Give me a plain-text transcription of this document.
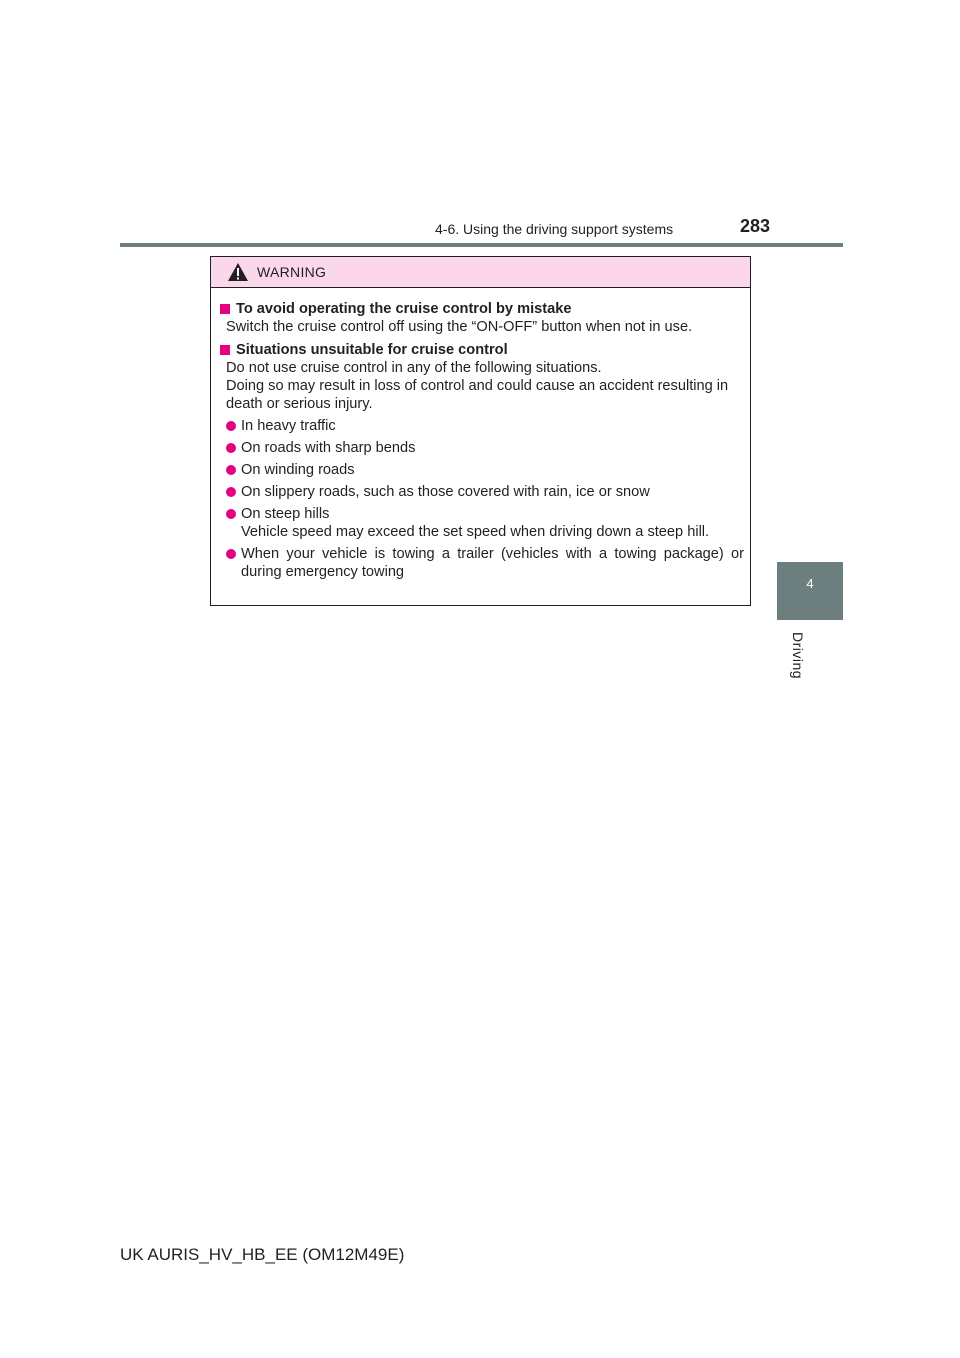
4-6. Using the driving support systems	283
4
Driving
WARNING
To avoid operating the cruise control by mistake
Switch the cruise control off using the “ON-OFF” button when not in use.
Situations unsuitable for cruise control
Do not use cruise control in any of the following situations.
Doing so may result in loss of control and could cause an accident resulting in death or serious injury.
In heavy traffic
On roads with sharp bends
On winding roads
On slippery roads, such as those covered with rain, ice or snow
On steep hills
Vehicle speed may exceed the set speed when driving down a steep hill.
When your vehicle is towing a trailer (vehicles with a towing package) or during emergency towing
UK AURIS_HV_HB_EE (OM12M49E)
